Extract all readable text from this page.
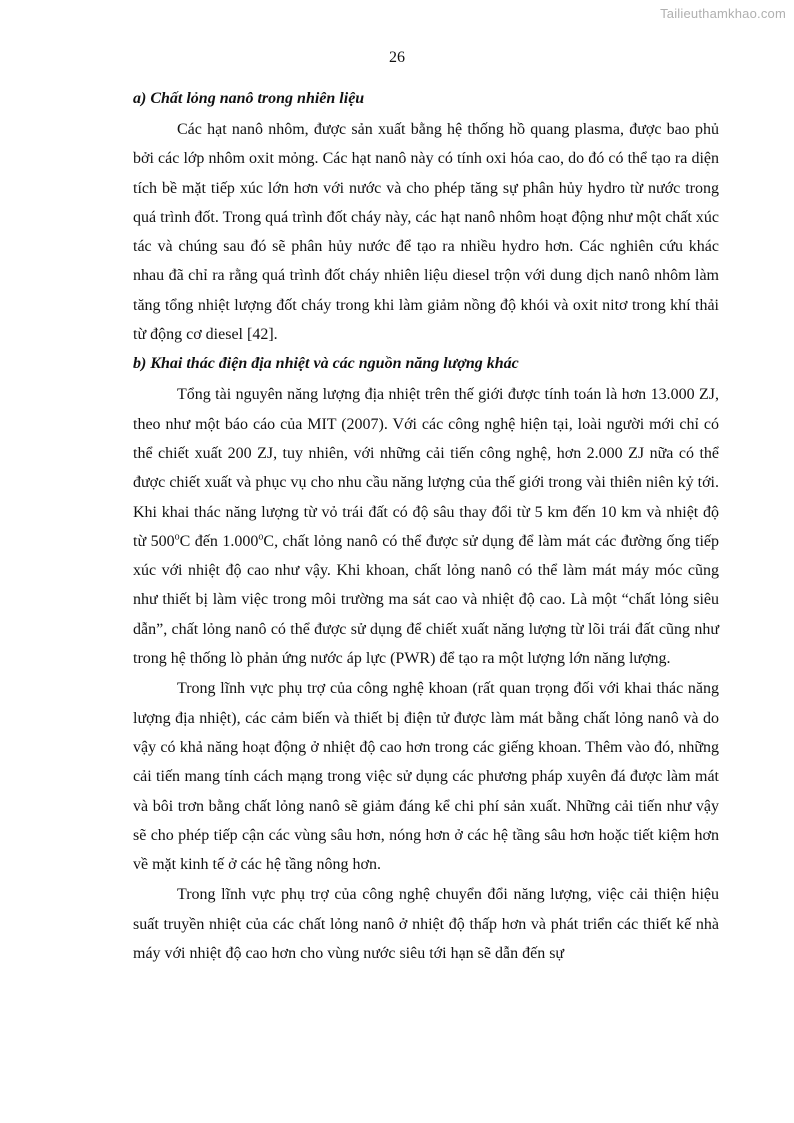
Tailieuthamkhao.com
26

a) Chất lỏng nanô trong nhiên liệu

Các hạt nanô nhôm, được sản xuất bằng hệ thống hồ quang plasma, được bao phủ bởi các lớp nhôm oxit mỏng. Các hạt nanô này có tính oxi hóa cao, do đó có thể tạo ra diện tích bề mặt tiếp xúc lớn hơn với nước và cho phép tăng sự phân hủy hydro từ nước trong quá trình đốt. Trong quá trình đốt cháy này, các hạt nanô nhôm hoạt động như một chất xúc tác và chúng sau đó sẽ phân hủy nước để tạo ra nhiều hydro hơn. Các nghiên cứu khác nhau đã chỉ ra rằng quá trình đốt cháy nhiên liệu diesel trộn với dung dịch nanô nhôm làm tăng tổng nhiệt lượng đốt cháy trong khi làm giảm nồng độ khói và oxit nitơ trong khí thải từ động cơ diesel [42].

b) Khai thác điện địa nhiệt và các nguồn năng lượng khác

Tổng tài nguyên năng lượng địa nhiệt trên thế giới được tính toán là hơn 13.000 ZJ, theo như một báo cáo của MIT (2007). Với các công nghệ hiện tại, loài người mới chỉ có thể chiết xuất 200 ZJ, tuy nhiên, với những cải tiến công nghệ, hơn 2.000 ZJ nữa có thể được chiết xuất và phục vụ cho nhu cầu năng lượng của thế giới trong vài thiên niên kỷ tới. Khi khai thác năng lượng từ vỏ trái đất có độ sâu thay đổi từ 5 km đến 10 km và nhiệt độ từ 500$^o$C đến 1.000$^o$C, chất lỏng nanô có thể được sử dụng để làm mát các đường ống tiếp xúc với nhiệt độ cao như vậy. Khi khoan, chất lỏng nanô có thể làm mát máy móc cũng như thiết bị làm việc trong môi trường ma sát cao và nhiệt độ cao. Là một “chất lỏng siêu dẫn”, chất lỏng nanô có thể được sử dụng để chiết xuất năng lượng từ lõi trái đất cũng như trong hệ thống lò phản ứng nước áp lực (PWR) để tạo ra một lượng lớn năng lượng.

Trong lĩnh vực phụ trợ của công nghệ khoan (rất quan trọng đối với khai thác năng lượng địa nhiệt), các cảm biến và thiết bị điện tử được làm mát bằng chất lỏng nanô và do vậy có khả năng hoạt động ở nhiệt độ cao hơn trong các giếng khoan. Thêm vào đó, những cải tiến mang tính cách mạng trong việc sử dụng các phương pháp xuyên đá được làm mát và bôi trơn bằng chất lỏng nanô sẽ giảm đáng kể chi phí sản xuất. Những cải tiến như vậy sẽ cho phép tiếp cận các vùng sâu hơn, nóng hơn ở các hệ tầng sâu hơn hoặc tiết kiệm hơn về mặt kinh tế ở các hệ tầng nông hơn.

Trong lĩnh vực phụ trợ của công nghệ chuyển đổi năng lượng, việc cải thiện hiệu suất truyền nhiệt của các chất lỏng nanô ở nhiệt độ thấp hơn và phát triển các thiết kế nhà máy với nhiệt độ cao hơn cho vùng nước siêu tới hạn sẽ dẫn đến sự
